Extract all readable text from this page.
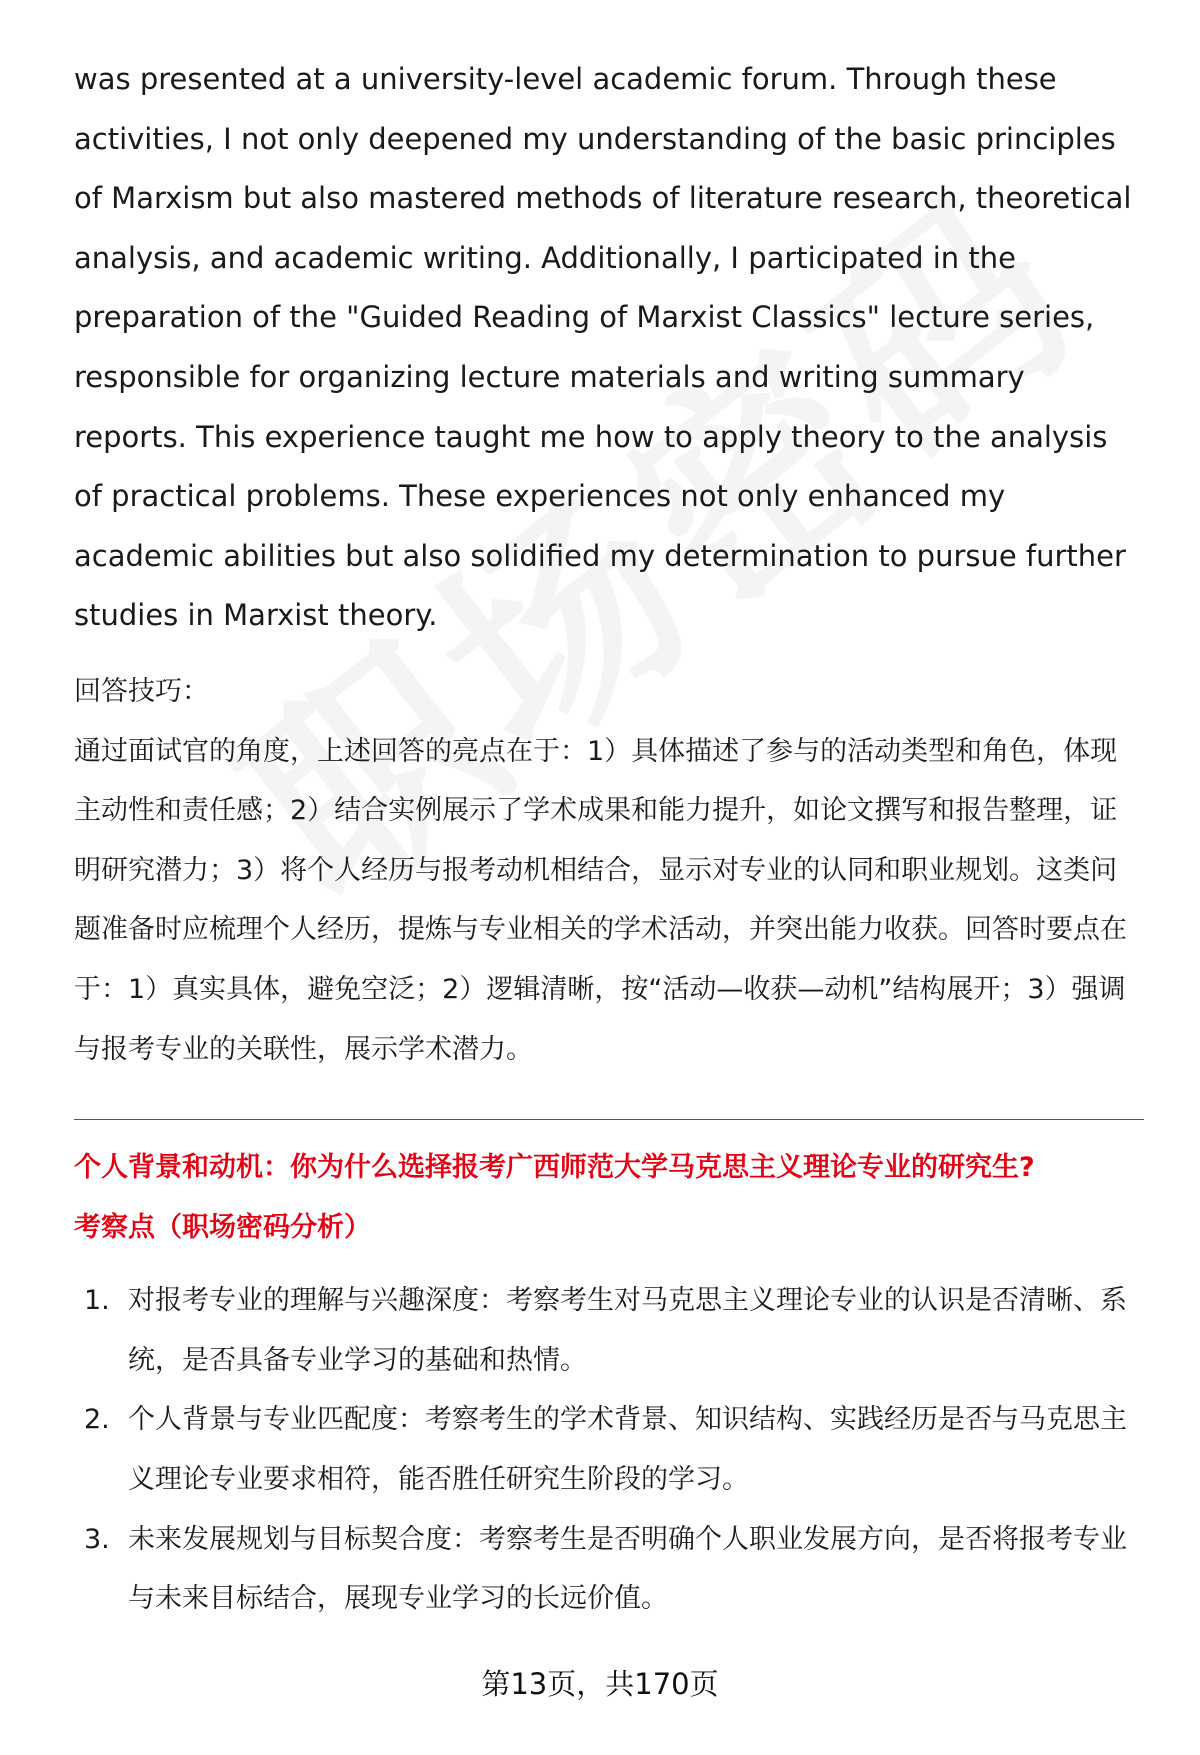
was presented at a university-level academic forum. Through these activities, I not only deepened my understanding of the basic principles of Marxism but also mastered methods of literature research, theoretical analysis, and academic writing. Additionally, I participated in the preparation of the "Guided Reading of Marxist Classics" lecture series, responsible for organizing lecture materials and writing summary reports. This experience taught me how to apply theory to the analysis of practical problems. These experiences not only enhanced my academic abilities but also solidified my determination to pursue further studies in Marxist theory.

回答技巧：

通过面试官的角度，上述回答的亮点在于：1）具体描述了参与的活动类型和角色，体现主动性和责任感；2）结合实例展示了学术成果和能力提升，如论文撰写和报告整理，证明研究潜力；3）将个人经历与报考动机相结合，显示对专业的认同和职业规划。这类问题准备时应梳理个人经历，提炼与专业相关的学术活动，并突出能力收获。回答时要点在于：1）真实具体，避免空泛；2）逻辑清晰，按“活动—收获—动机”结构展开；3）强调与报考专业的关联性，展示学术潜力。

个人背景和动机：你为什么选择报考广西师范大学马克思主义理论专业的研究生?

考察点（职场密码分析）

1. 对报考专业的理解与兴趣深度：考察考生对马克思主义理论专业的认识是否清晰、系统，是否具备专业学习的基础和热情。
2. 个人背景与专业匹配度：考察考生的学术背景、知识结构、实践经历是否与马克思主义理论专业要求相符，能否胜任研究生阶段的学习。
3. 未来发展规划与目标契合度：考察考生是否明确个人职业发展方向，是否将报考专业与未来目标结合，展现专业学习的长远价值。
第13页，共170页
